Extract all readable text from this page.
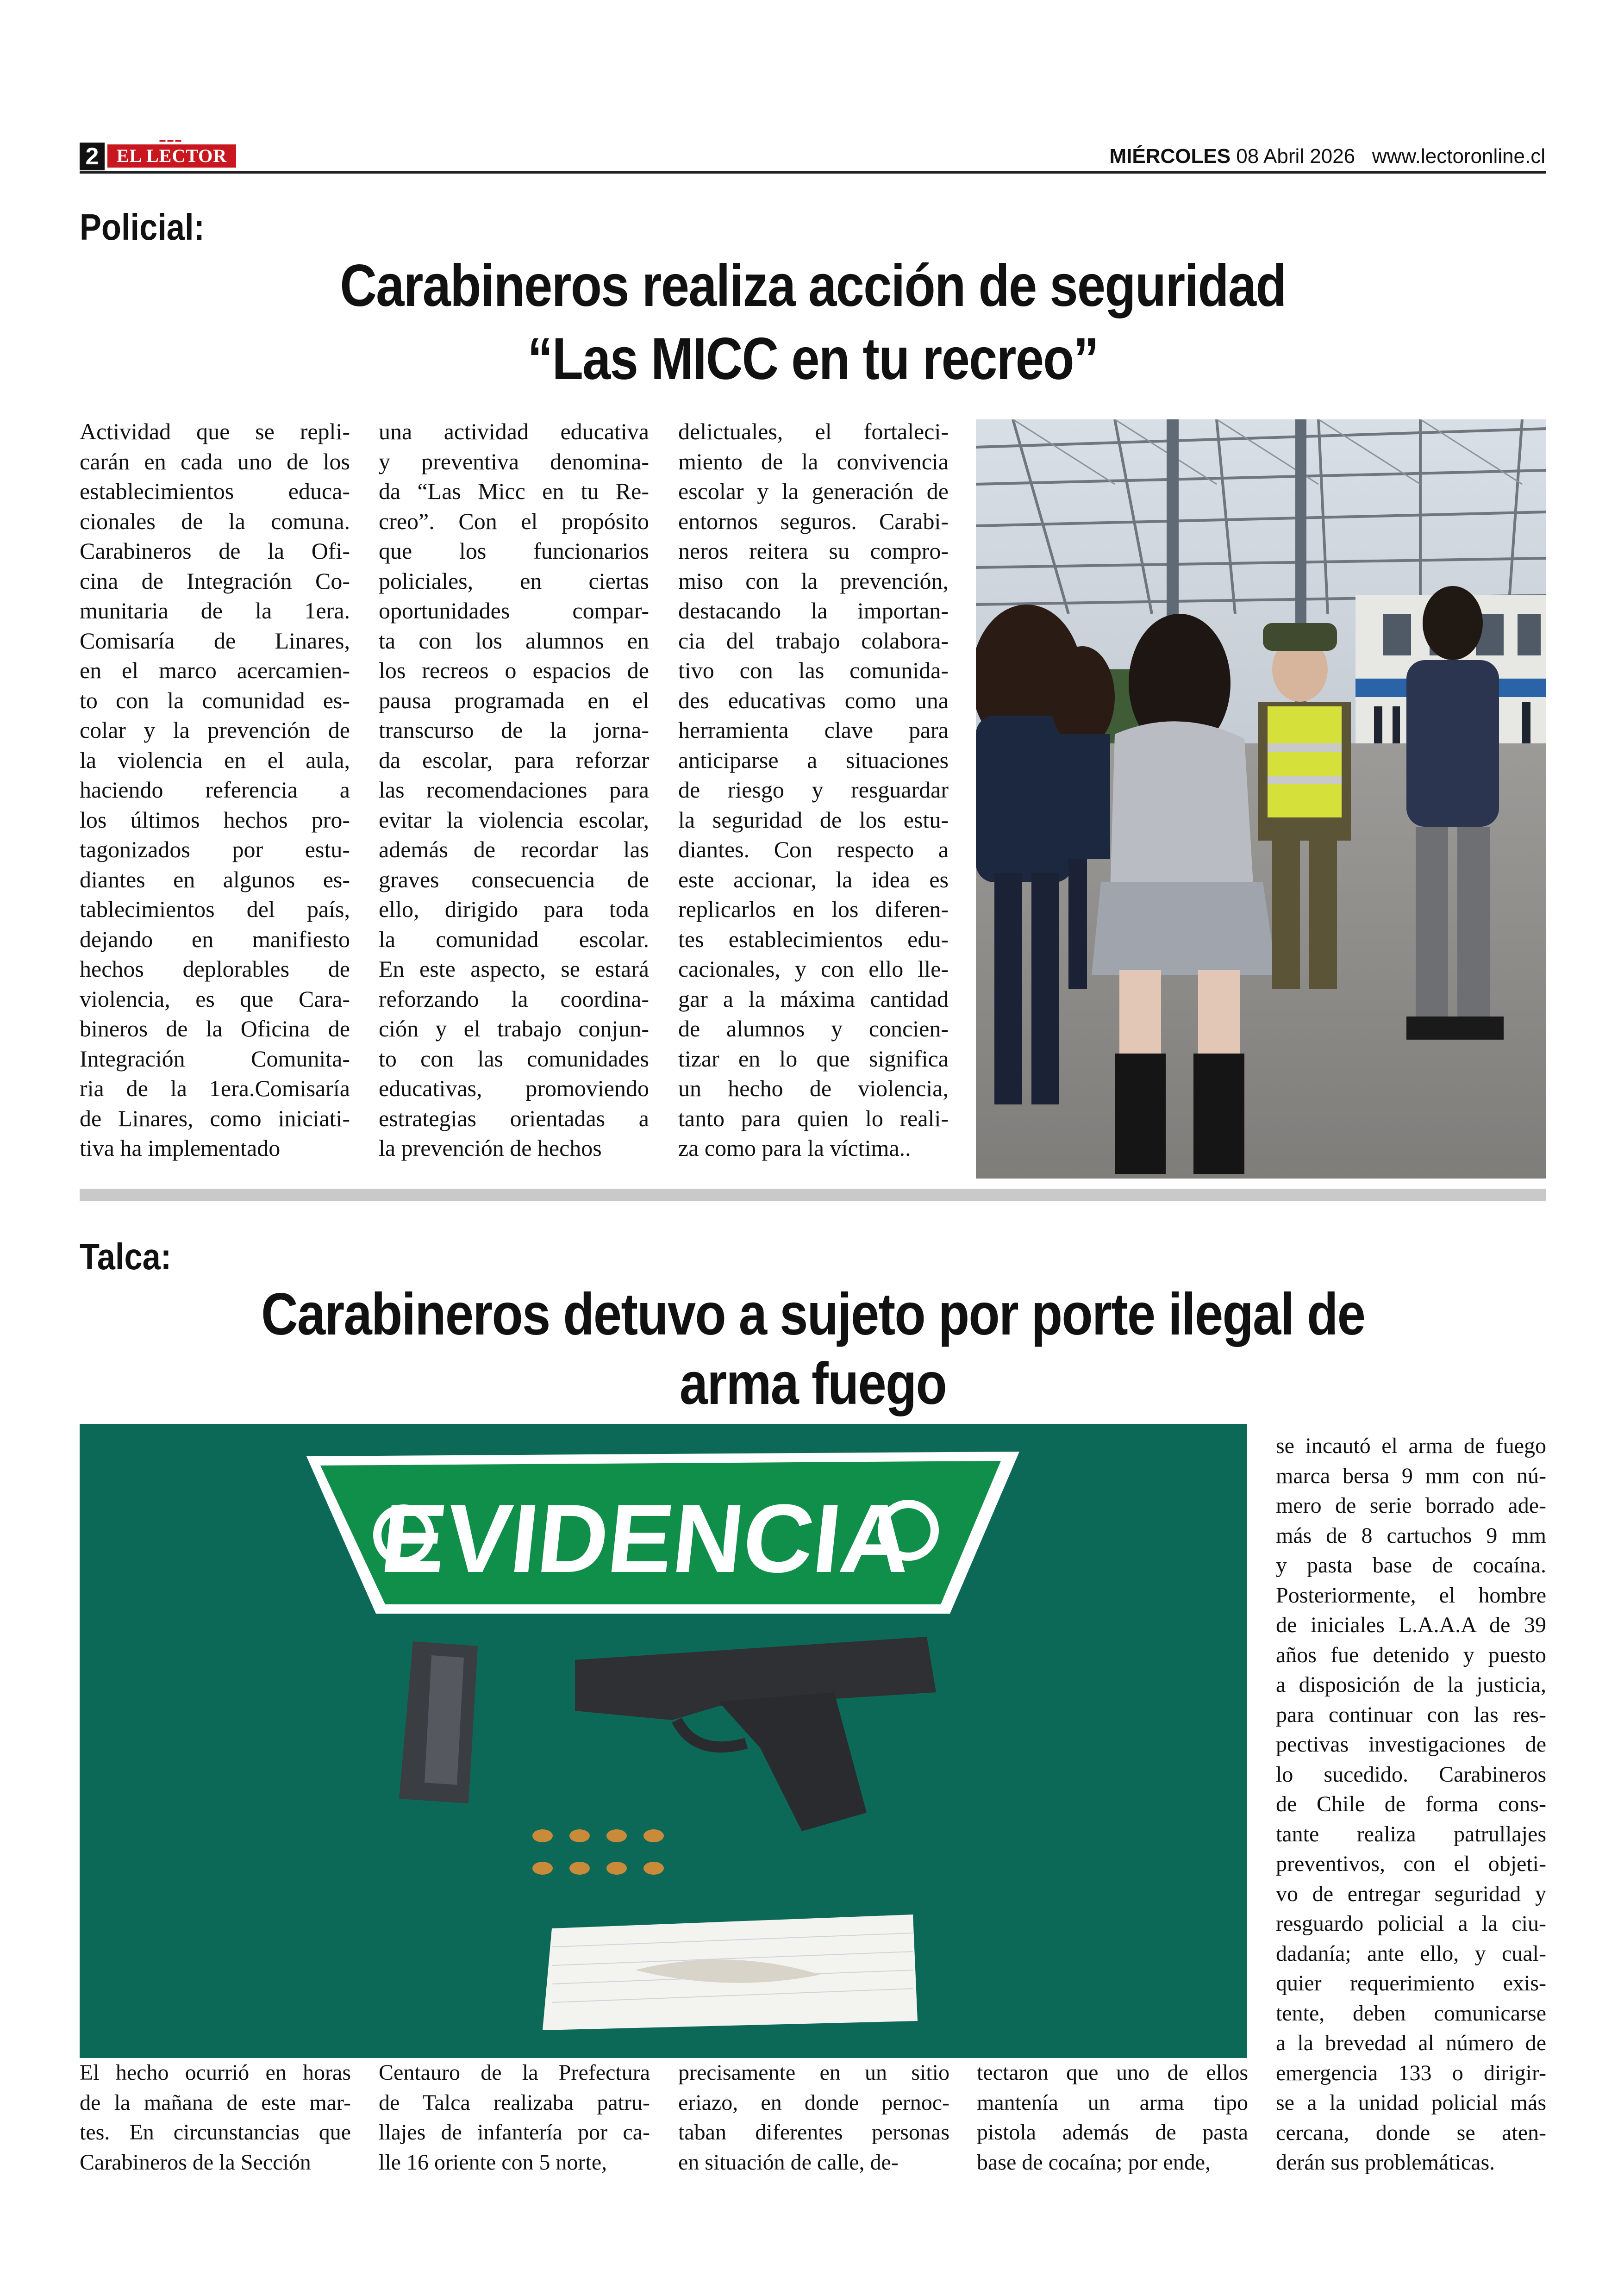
▬▬▬
2 EL LECTOR	MIÉRCOLES 08 Abril 2026 www.lectoronline.cl
Policial:
Carabineros realiza acción de seguridad
“Las MICC en tu recreo”
Actividad que se repli-
carán en cada uno de los
establecimientos educa-
cionales de la comuna.
Carabineros de la Ofi-
cina de Integración Co-
munitaria de la 1era.
Comisaría de Linares,
en el marco acercamien-
to con la comunidad es-
colar y la prevención de
la violencia en el aula,
haciendo referencia a
los últimos hechos pro-
tagonizados por estu-
diantes en algunos es-
tablecimientos del país,
dejando en manifiesto
hechos deplorables de
violencia, es que Cara-
bineros de la Oficina de
Integración Comunita-
ria de la 1era.Comisaría
de Linares, como iniciati-
tiva ha implementado
una actividad educativa
y preventiva denomina-
da “Las Micc en tu Re-
creo”. Con el propósito
que los funcionarios
policiales, en ciertas
oportunidades compar-
ta con los alumnos en
los recreos o espacios de
pausa programada en el
transcurso de la jorna-
da escolar, para reforzar
las recomendaciones para
evitar la violencia escolar,
además de recordar las
graves consecuencia de
ello, dirigido para toda
la comunidad escolar.
En este aspecto, se estará
reforzando la coordina-
ción y el trabajo conjun-
to con las comunidades
educativas, promoviendo
estrategias orientadas a
la prevención de hechos
delictuales, el fortaleci-
miento de la convivencia
escolar y la generación de
entornos seguros. Carabi-
neros reitera su compro-
miso con la prevención,
destacando la importan-
cia del trabajo colabora-
tivo con las comunida-
des educativas como una
herramienta clave para
anticiparse a situaciones
de riesgo y resguardar
la seguridad de los estu-
diantes. Con respecto a
este accionar, la idea es
replicarlos en los diferen-
tes establecimientos edu-
cacionales, y con ello lle-
gar a la máxima cantidad
de alumnos y concien-
tizar en lo que significa
un hecho de violencia,
tanto para quien lo reali-
za como para la víctima..
Talca:
Carabineros detuvo a sujeto por porte ilegal de
arma fuego
EVIDENCIA
El hecho ocurrió en horas
de la mañana de este mar-
tes. En circunstancias que
Carabineros de la Sección
Centauro de la Prefectura
de Talca realizaba patru-
llajes de infantería por ca-
lle 16 oriente con 5 norte,
precisamente en un sitio
eriazo, en donde pernoc-
taban diferentes personas
en situación de calle, de-
tectaron que uno de ellos
mantenía un arma tipo
pistola además de pasta
base de cocaína; por ende,
se incautó el arma de fuego
marca bersa 9 mm con nú-
mero de serie borrado ade-
más de 8 cartuchos 9 mm
y pasta base de cocaína.
Posteriormente, el hombre
de iniciales L.A.A.A de 39
años fue detenido y puesto
a disposición de la justicia,
para continuar con las res-
pectivas investigaciones de
lo sucedido. Carabineros
de Chile de forma cons-
tante realiza patrullajes
preventivos, con el objeti-
vo de entregar seguridad y
resguardo policial a la ciu-
dadanía; ante ello, y cual-
quier requerimiento exis-
tente, deben comunicarse
a la brevedad al número de
emergencia 133 o dirigir-
se a la unidad policial más
cercana, donde se aten-
derán sus problemáticas.
